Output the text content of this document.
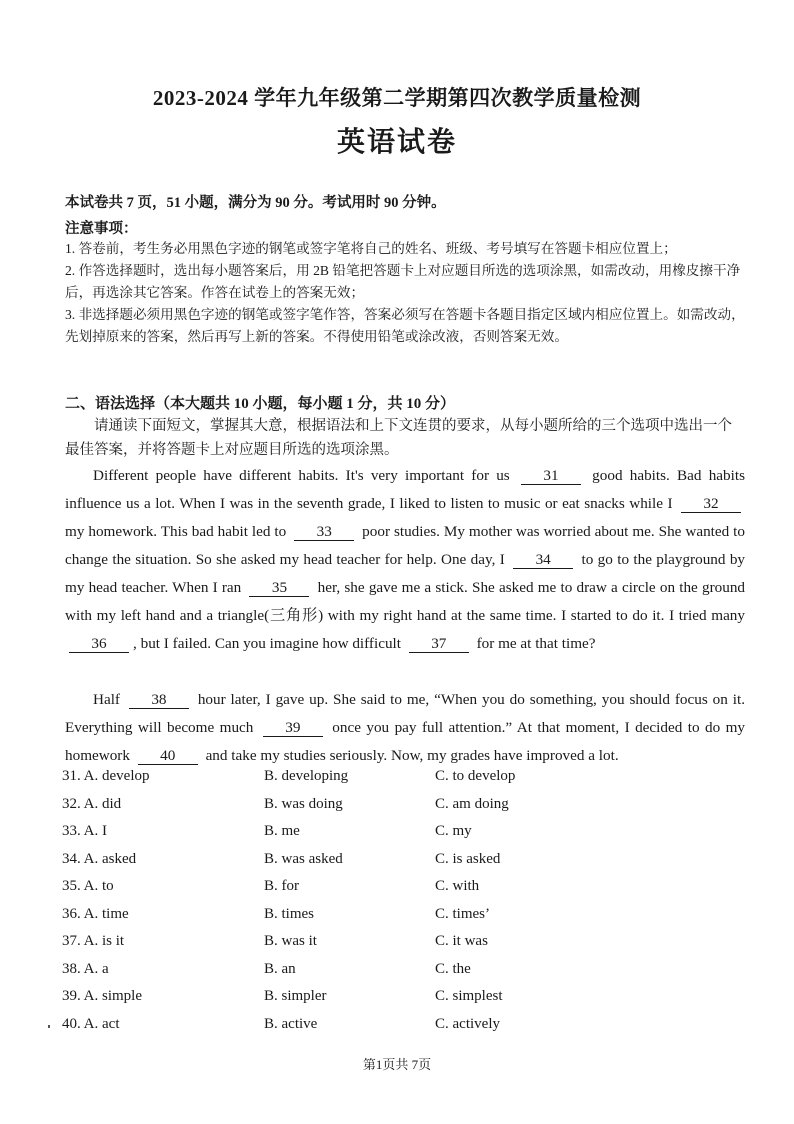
2023-2024 学年九年级第二学期第四次教学质量检测
英语试卷
本试卷共 7 页，51 小题，满分为 90 分。考试用时 90 分钟。
注意事项：
1. 答卷前，考生务必用黑色字迹的钢笔或签字笔将自己的姓名、班级、考号填写在答题卡相应位置上；
2. 作答选择题时，选出每小题答案后，用 2B 铅笔把答题卡上对应题目所选的选项涂黑，如需改动，用橡皮擦干净后，再选涂其它答案。作答在试卷上的答案无效；
3. 非选择题必须用黑色字迹的钢笔或签字笔作答，答案必须写在答题卡各题目指定区域内相应位置上。如需改动，先划掉原来的答案，然后再写上新的答案。不得使用铅笔或涂改液，否则答案无效。
二、语法选择（本大题共 10 小题，每小题 1 分，共 10 分）
请通读下面短文，掌握其大意，根据语法和上下文连贯的要求，从每小题所给的三个选项中选出一个最佳答案，并将答题卡上对应题目所选的选项涂黑。
Different people have different habits. It's very important for us 31 good habits. Bad habits influence us a lot. When I was in the seventh grade, I liked to listen to music or eat snacks while I 32 my homework. This bad habit led to 33 poor studies. My mother was worried about me. She wanted to change the situation. So she asked my head teacher for help. One day, I 34 to go to the playground by my head teacher. When I ran 35 her, she gave me a stick. She asked me to draw a circle on the ground with my left hand and a triangle(三角形) with my right hand at the same time. I started to do it. I tried many 36 , but I failed. Can you imagine how difficult 37 for me at that time?
Half 38 hour later, I gave up. She said to me, “When you do something, you should focus on it. Everything will become much 39 once you pay full attention.” At that moment, I decided to do my homework 40 and take my studies seriously. Now, my grades have improved a lot.
31. A. develop	B. developing	C. to develop
32. A. did	B. was doing	C. am doing
33. A. I	B. me	C. my
34. A. asked	B. was asked	C. is asked
35. A. to	B. for	C. with
36. A. time	B. times	C. times’
37. A. is it	B. was it	C. it was
38. A. a	B. an	C. the
39. A. simple	B. simpler	C. simplest
40. A. act	B. active	C. actively
第1页共 7页
